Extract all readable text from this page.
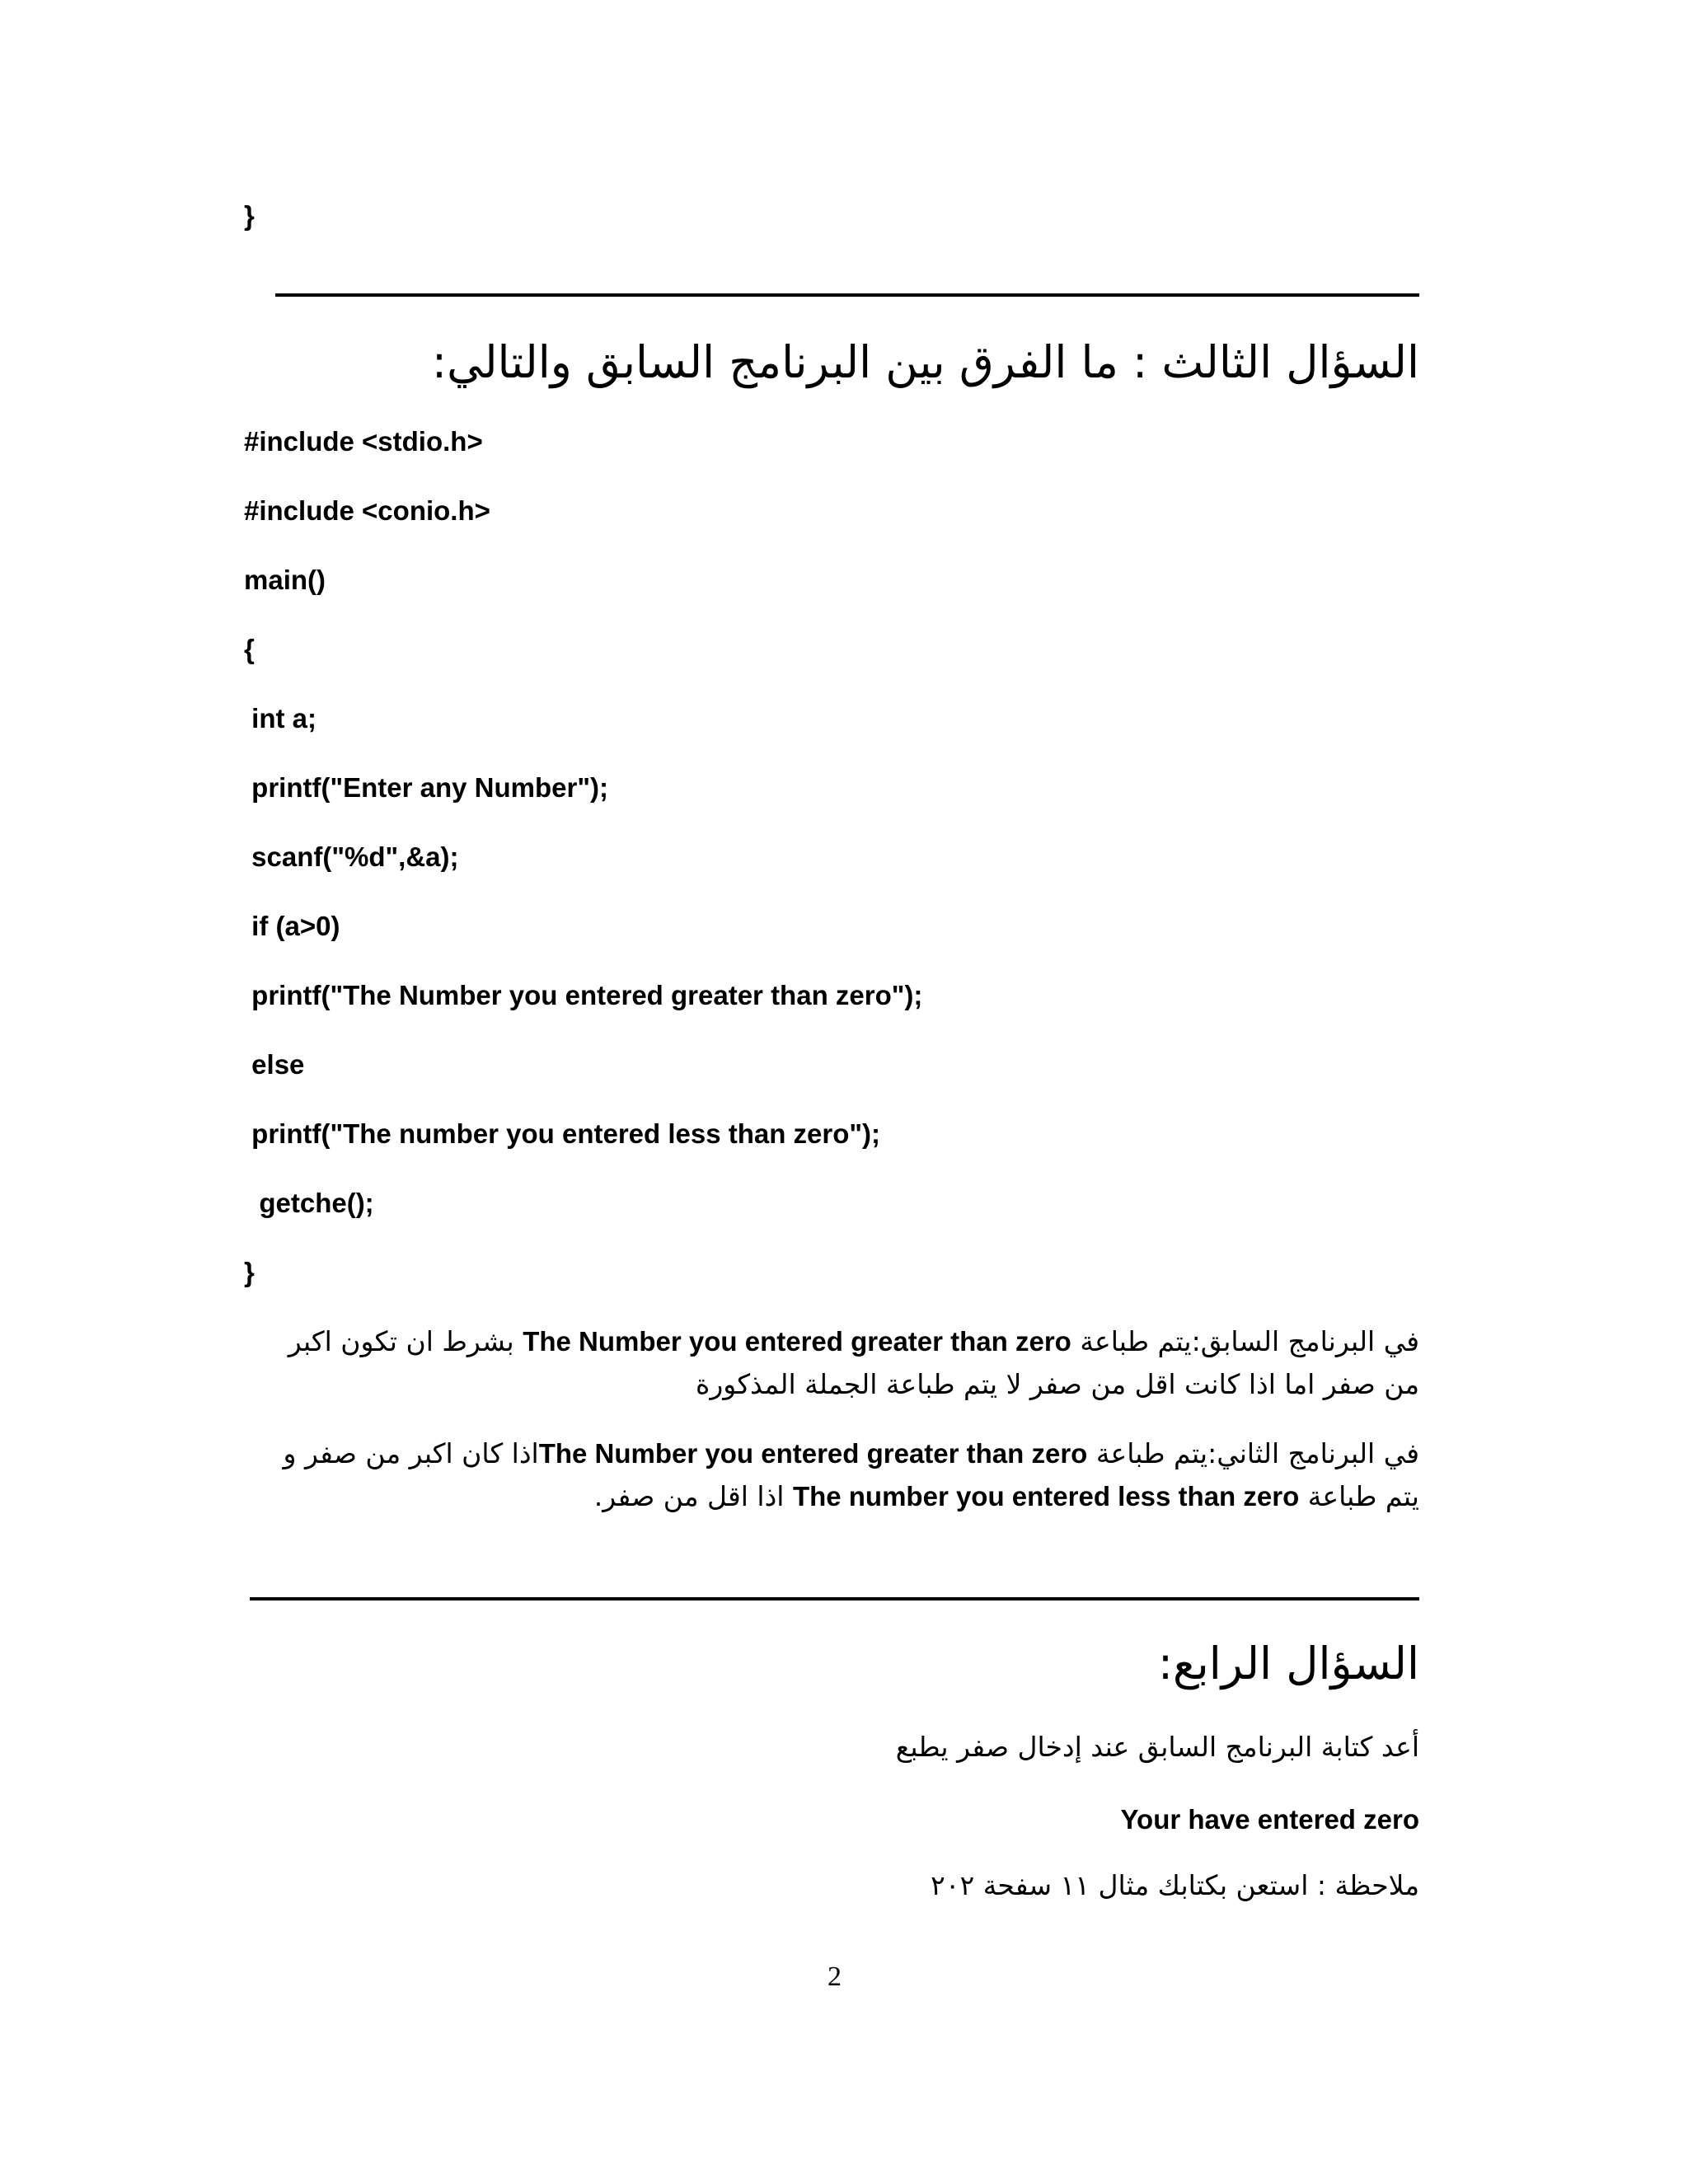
}
السؤال الثالث : ما الفرق بين البرنامج السابق والتالي:
#include <stdio.h>
#include <conio.h>
main()
{
int a;
printf("Enter any Number");
scanf("%d",&a);
if (a>0)
printf("The Number you entered greater than zero");
else
printf("The number you entered less than zero");
getche();
}
في البرنامج السابق:يتم طباعة The Number you entered greater than zero بشرط ان تكون اكبر من صفر اما اذا كانت اقل من صفر لا يتم طباعة الجملة المذكورة
في البرنامج الثاني:يتم طباعة The Number you entered greater than zeroاذا كان اكبر من صفر و يتم طباعة The number you entered less than zero اذا اقل من صفر.
السؤال الرابع:
أعد كتابة البرنامج السابق عند إدخال صفر يطبع
Your have entered zero
ملاحظة : استعن بكتابك مثال ١١ سفحة ٢٠٢
2
